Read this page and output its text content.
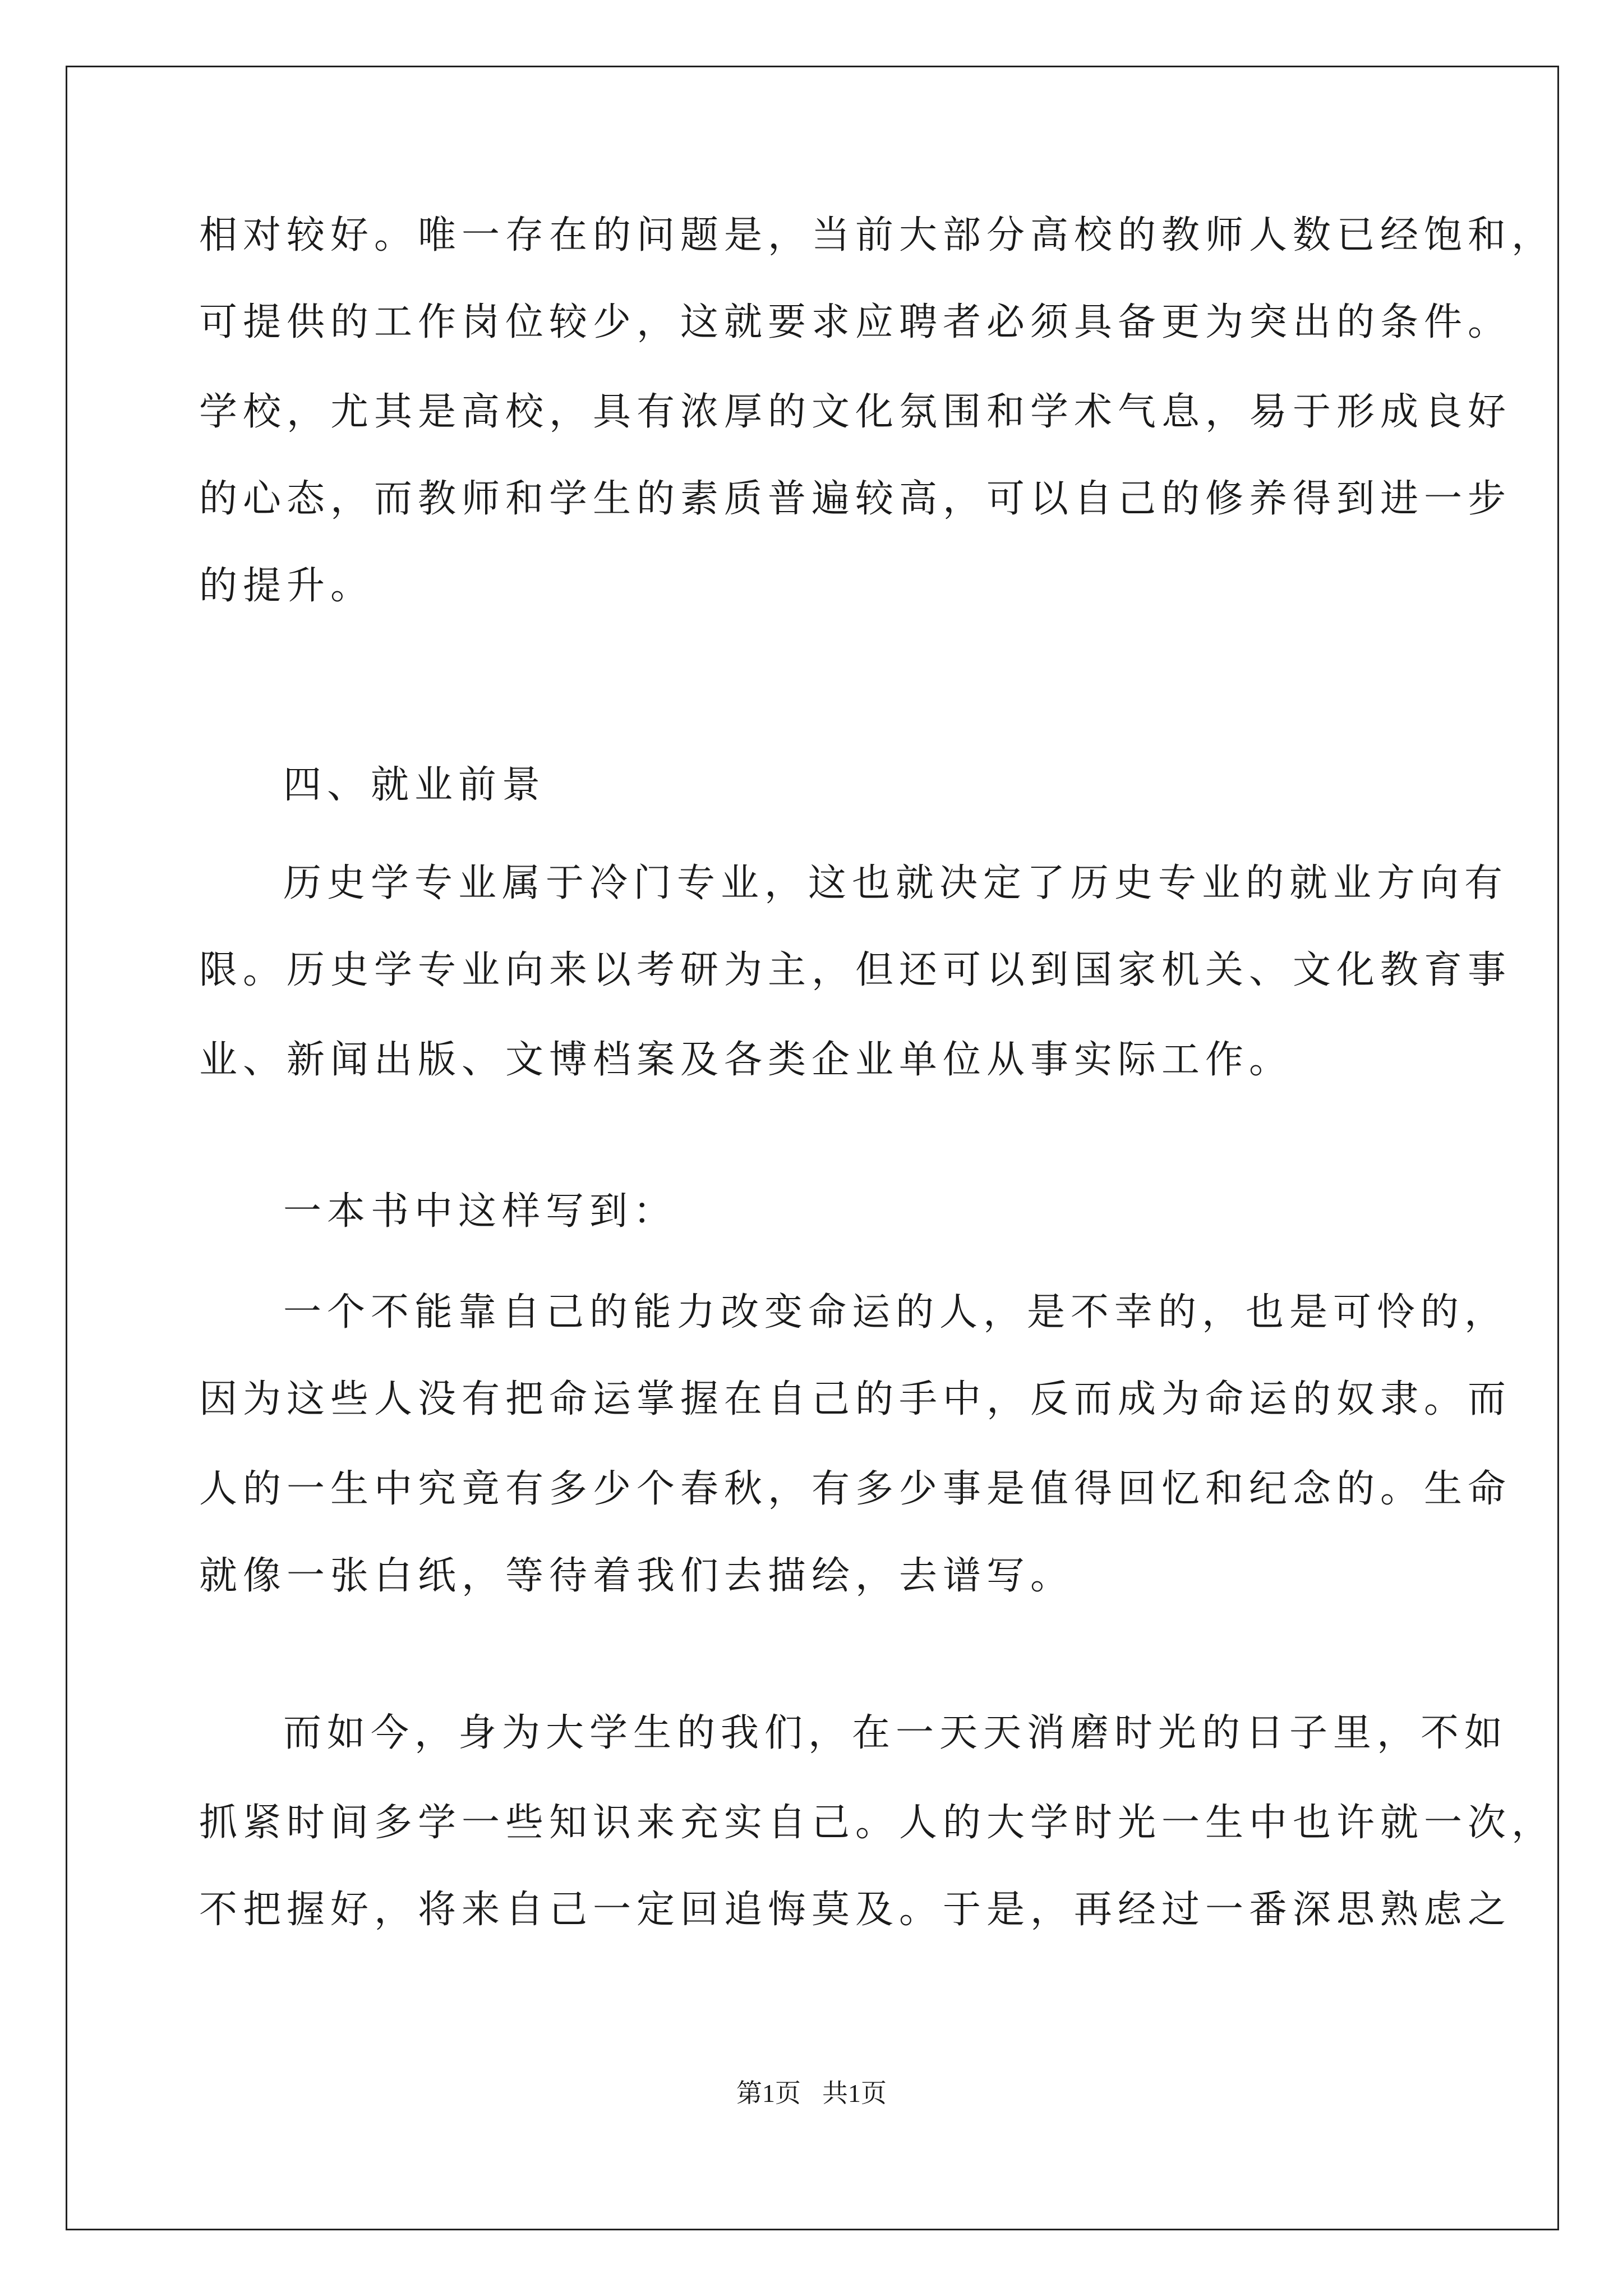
相对较好。唯一存在的问题是，当前大部分高校的教师人数已经饱和，
可提供的工作岗位较少，这就要求应聘者必须具备更为突出的条件。
学校，尤其是高校，具有浓厚的文化氛围和学术气息，易于形成良好
的心态，而教师和学生的素质普遍较高，可以自己的修养得到进一步
的提升。
四、就业前景
历史学专业属于冷门专业，这也就决定了历史专业的就业方向有
限。历史学专业向来以考研为主，但还可以到国家机关、文化教育事
业、新闻出版、文博档案及各类企业单位从事实际工作。
一本书中这样写到：
一个不能靠自己的能力改变命运的人，是不幸的，也是可怜的，
因为这些人没有把命运掌握在自己的手中，反而成为命运的奴隶。而
人的一生中究竟有多少个春秋，有多少事是值得回忆和纪念的。生命
就像一张白纸，等待着我们去描绘，去谱写。
而如今，身为大学生的我们，在一天天消磨时光的日子里，不如
抓紧时间多学一些知识来充实自己。人的大学时光一生中也许就一次，
不把握好，将来自己一定回追悔莫及。于是，再经过一番深思熟虑之
第1页 共1页
